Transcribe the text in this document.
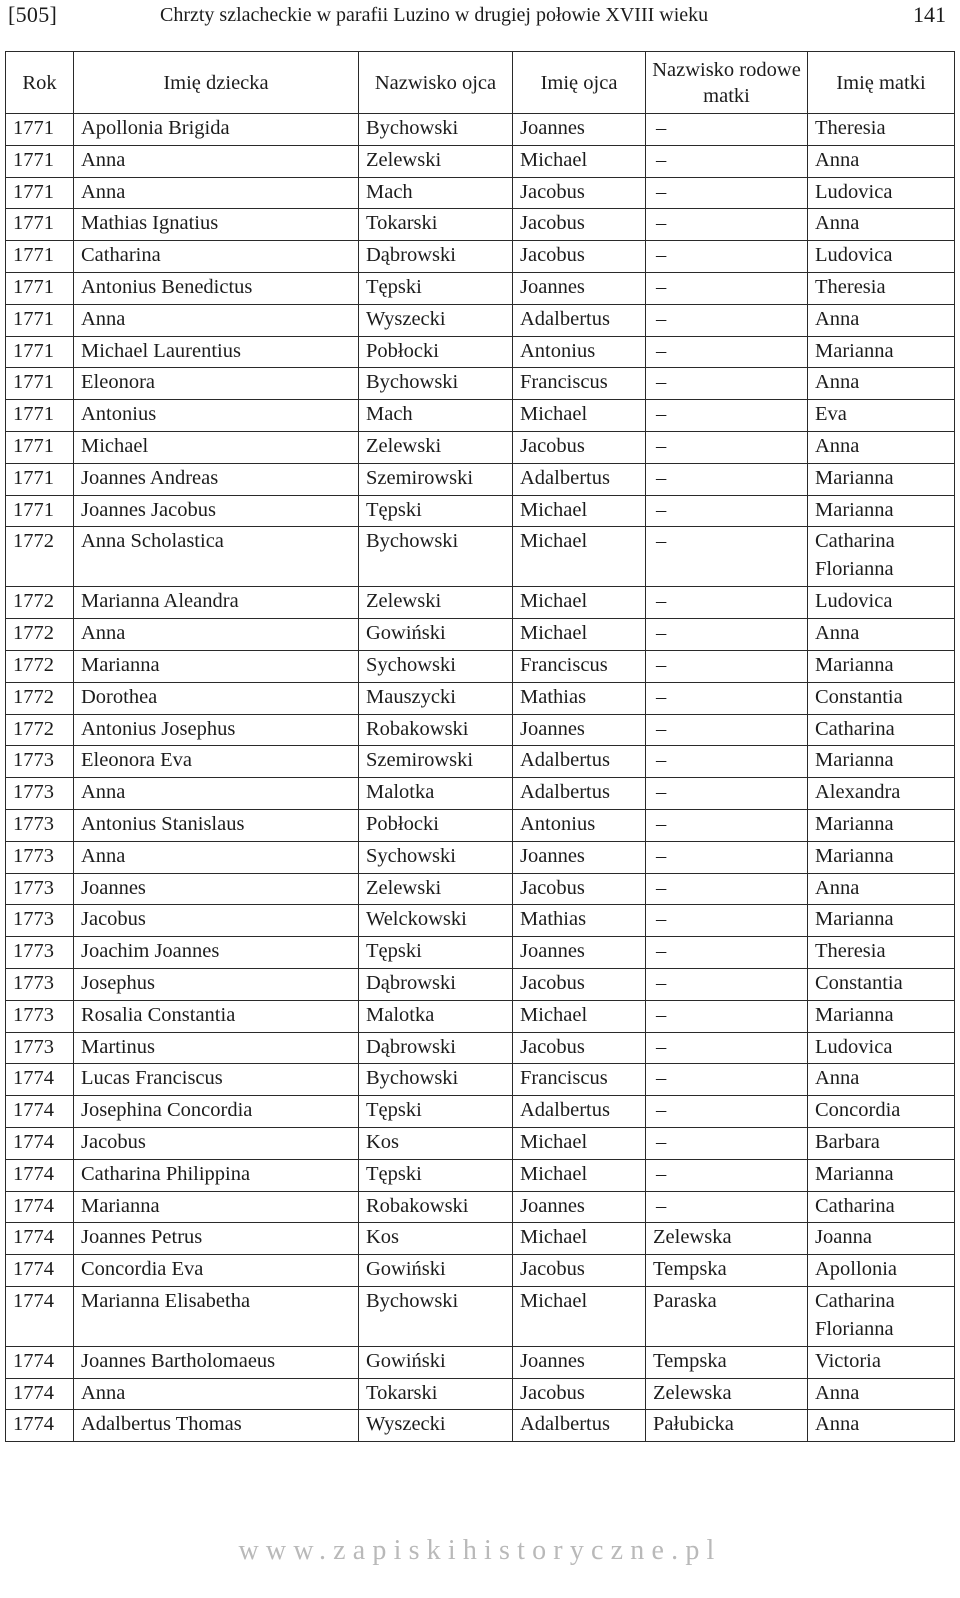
[505]	Chrzty szlacheckie w parafii Luzino w drugiej połowie XVIII wieku	141
Rok	Imię dziecka	Nazwisko ojca	Imię ojca	Nazwisko rodowe matki	Imię matki
1771	Apollonia Brigida	Bychowski	Joannes	–	Theresia
1771	Anna	Zelewski	Michael	–	Anna
1771	Anna	Mach	Jacobus	–	Ludovica
1771	Mathias Ignatius	Tokarski	Jacobus	–	Anna
1771	Catharina	Dąbrowski	Jacobus	–	Ludovica
1771	Antonius Benedictus	Tępski	Joannes	–	Theresia
1771	Anna	Wyszecki	Adalbertus	–	Anna
1771	Michael Laurentius	Pobłocki	Antonius	–	Marianna
1771	Eleonora	Bychowski	Franciscus	–	Anna
1771	Antonius	Mach	Michael	–	Eva
1771	Michael	Zelewski	Jacobus	–	Anna
1771	Joannes Andreas	Szemirowski	Adalbertus	–	Marianna
1771	Joannes Jacobus	Tępski	Michael	–	Marianna
1772	Anna Scholastica	Bychowski	Michael	–	Catharina Florianna
1772	Marianna Aleandra	Zelewski	Michael	–	Ludovica
1772	Anna	Gowiński	Michael	–	Anna
1772	Marianna	Sychowski	Franciscus	–	Marianna
1772	Dorothea	Mauszycki	Mathias	–	Constantia
1772	Antonius Josephus	Robakowski	Joannes	–	Catharina
1773	Eleonora Eva	Szemirowski	Adalbertus	–	Marianna
1773	Anna	Malotka	Adalbertus	–	Alexandra
1773	Antonius Stanislaus	Pobłocki	Antonius	–	Marianna
1773	Anna	Sychowski	Joannes	–	Marianna
1773	Joannes	Zelewski	Jacobus	–	Anna
1773	Jacobus	Welckowski	Mathias	–	Marianna
1773	Joachim Joannes	Tępski	Joannes	–	Theresia
1773	Josephus	Dąbrowski	Jacobus	–	Constantia
1773	Rosalia Constantia	Malotka	Michael	–	Marianna
1773	Martinus	Dąbrowski	Jacobus	–	Ludovica
1774	Lucas Franciscus	Bychowski	Franciscus	–	Anna
1774	Josephina Concordia	Tępski	Adalbertus	–	Concordia
1774	Jacobus	Kos	Michael	–	Barbara
1774	Catharina Philippina	Tępski	Michael	–	Marianna
1774	Marianna	Robakowski	Joannes	–	Catharina
1774	Joannes Petrus	Kos	Michael	Zelewska	Joanna
1774	Concordia Eva	Gowiński	Jacobus	Tempska	Apollonia
1774	Marianna Elisabetha	Bychowski	Michael	Paraska	Catharina Florianna
1774	Joannes Bartholomaeus	Gowiński	Joannes	Tempska	Victoria
1774	Anna	Tokarski	Jacobus	Zelewska	Anna
1774	Adalbertus Thomas	Wyszecki	Adalbertus	Pałubicka	Anna
www.zapiskihistoryczne.pl
